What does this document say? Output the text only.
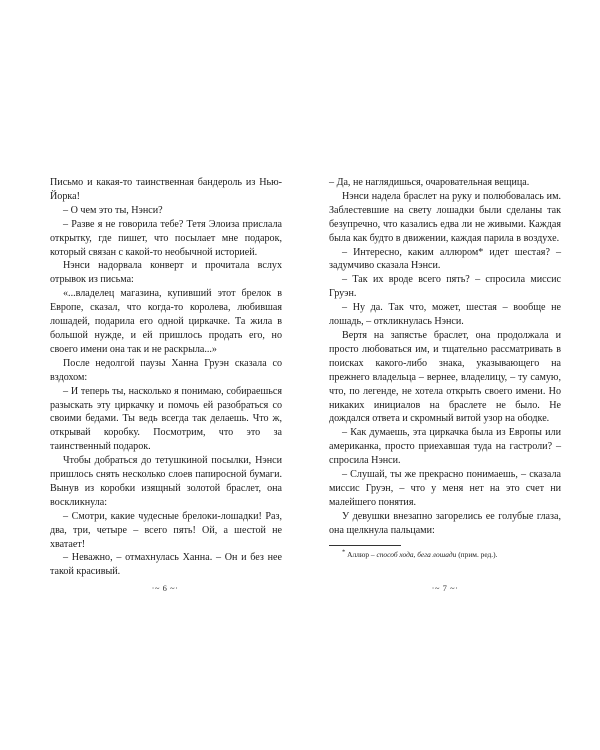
Письмо и какая-то таинственная бандероль из Нью-Йорка!

– О чем это ты, Нэнси?

– Разве я не говорила тебе? Тетя Элоиза прислала открытку, где пишет, что посылает мне подарок, который связан с какой-то необычной историей.

Нэнси надорвала конверт и прочитала вслух отрывок из письма:

«...владелец магазина, купивший этот брелок в Европе, сказал, что когда-то королева, любившая лошадей, подарила его одной циркачке. Та жила в большой нужде, и ей пришлось продать его, но своего имени она так и не раскрыла...»

После недолгой паузы Ханна Груэн сказала со вздохом:

– И теперь ты, насколько я понимаю, собираешься разыскать эту циркачку и помочь ей разобраться со своими бедами. Ты ведь всегда так делаешь. Что ж, открывай коробку. Посмотрим, что это за таинственный подарок.

Чтобы добраться до тетушкиной посылки, Нэнси пришлось снять несколько слоев папиросной бумаги. Вынув из коробки изящный золотой браслет, она воскликнула:

– Смотри, какие чудесные брелоки-лошадки! Раз, два, три, четыре – всего пять! Ой, а шестой не хватает!

– Неважно, – отмахнулась Ханна. – Он и без нее такой красивый.

·~ 6 ~·

– Да, не наглядишься, очаровательная вещица.

Нэнси надела браслет на руку и полюбовалась им. Заблестевшие на свету лошадки были сделаны так безупречно, что казались едва ли не живыми. Каждая была как будто в движении, каждая парила в воздухе.

– Интересно, каким аллюром* идет шестая? – задумчиво сказала Нэнси.

– Так их вроде всего пять? – спросила миссис Груэн.

– Ну да. Так что, может, шестая – вообще не лошадь, – откликнулась Нэнси.

Вертя на запястье браслет, она продолжала и просто любоваться им, и тщательно рассматривать в поисках какого-либо знака, указывающего на прежнего владельца – вернее, владелицу, – ту самую, что, по легенде, не хотела открыть своего имени. Но никаких инициалов на браслете не было. Не дождался ответа и скромный витой узор на ободке.

– Как думаешь, эта циркачка была из Европы или американка, просто приехавшая туда на гастроли? – спросила Нэнси.

– Слушай, ты же прекрасно понимаешь, – сказала миссис Груэн, – что у меня нет на это счет ни малейшего понятия.

У девушки внезапно загорелись ее голубые глаза, она щелкнула пальцами:

* Аллюр – способ хода, бега лошади (прим. ред.).

·~ 7 ~·
